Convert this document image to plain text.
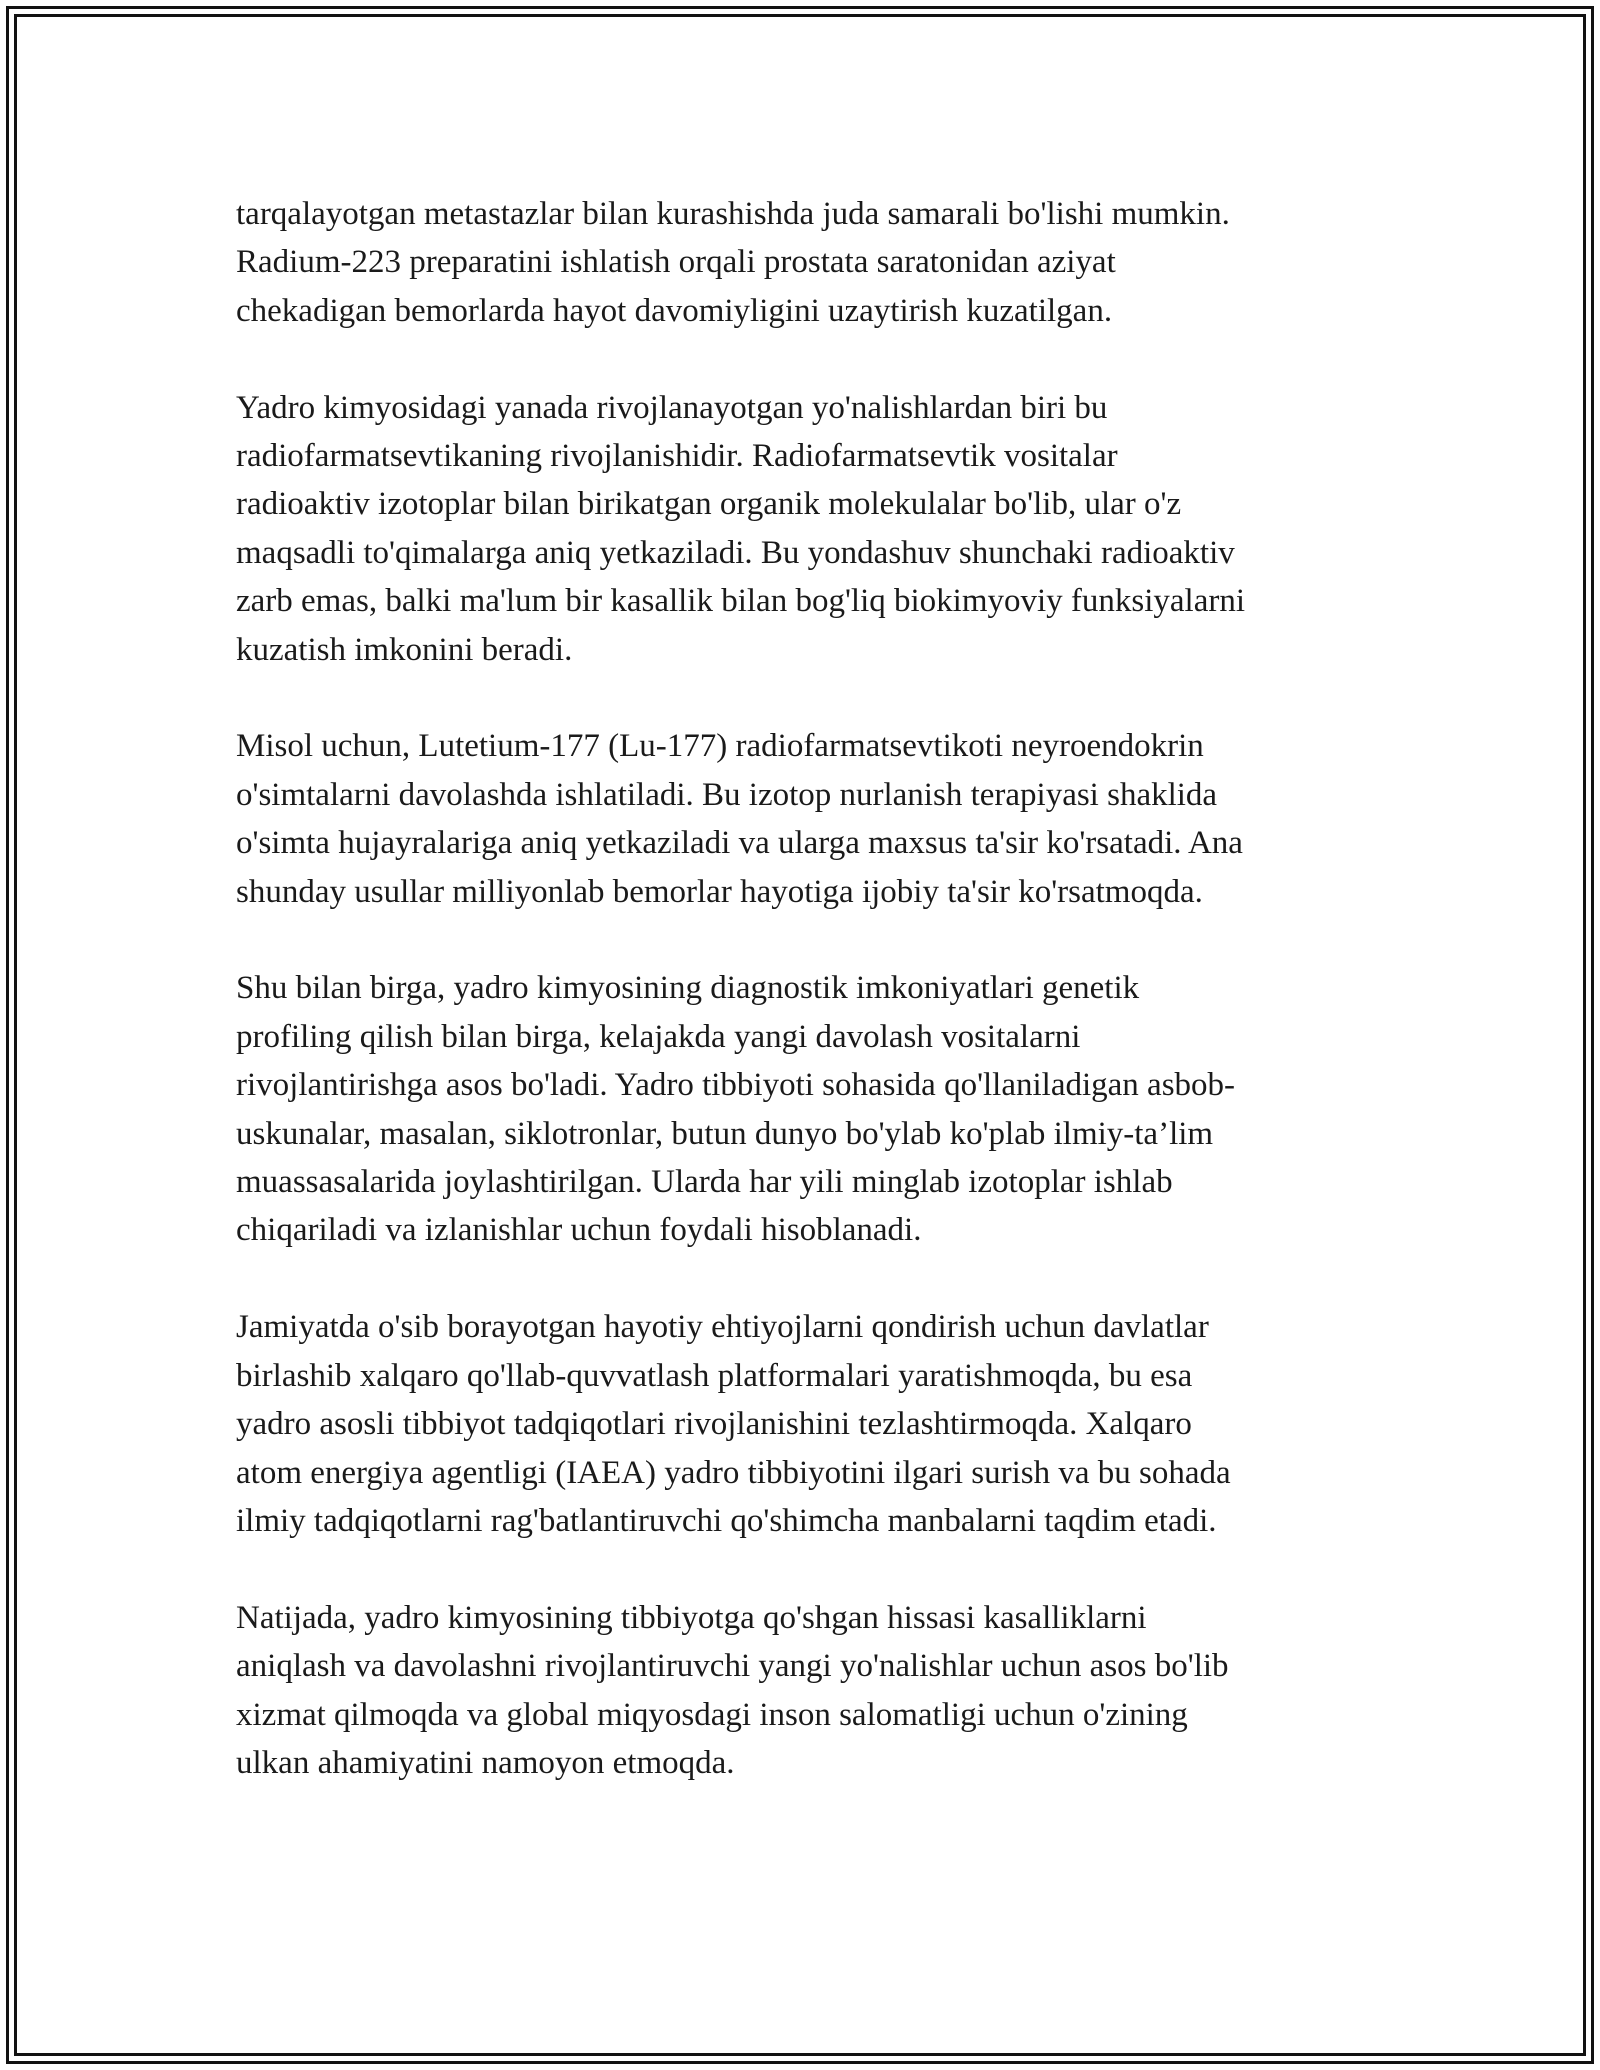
tarqalayotgan metastazlar bilan kurashishda juda samarali bo'lishi mumkin.
Radium-223 preparatini ishlatish orqali prostata saratonidan aziyat
chekadigan bemorlarda hayot davomiyligini uzaytirish kuzatilgan.

Yadro kimyosidagi yanada rivojlanayotgan yo'nalishlardan biri bu
radiofarmatsevtikaning rivojlanishidir. Radiofarmatsevtik vositalar
radioaktiv izotoplar bilan birikatgan organik molekulalar bo'lib, ular o'z
maqsadli to'qimalarga aniq yetkaziladi. Bu yondashuv shunchaki radioaktiv
zarb emas, balki ma'lum bir kasallik bilan bog'liq biokimyoviy funksiyalarni
kuzatish imkonini beradi.

Misol uchun, Lutetium-177 (Lu-177) radiofarmatsevtikoti neyroendokrin
o'simtalarni davolashda ishlatiladi. Bu izotop nurlanish terapiyasi shaklida
o'simta hujayralariga aniq yetkaziladi va ularga maxsus ta'sir ko'rsatadi. Ana
shunday usullar milliyonlab bemorlar hayotiga ijobiy ta'sir ko'rsatmoqda.

Shu bilan birga, yadro kimyosining diagnostik imkoniyatlari genetik
profiling qilish bilan birga, kelajakda yangi davolash vositalarni
rivojlantirishga asos bo'ladi. Yadro tibbiyoti sohasida qo'llaniladigan asbob-
uskunalar, masalan, siklotronlar, butun dunyo bo'ylab ko'plab ilmiy-ta’lim
muassasalarida joylashtirilgan. Ularda har yili minglab izotoplar ishlab
chiqariladi va izlanishlar uchun foydali hisoblanadi.

Jamiyatda o'sib borayotgan hayotiy ehtiyojlarni qondirish uchun davlatlar
birlashib xalqaro qo'llab-quvvatlash platformalari yaratishmoqda, bu esa
yadro asosli tibbiyot tadqiqotlari rivojlanishini tezlashtirmoqda. Xalqaro
atom energiya agentligi (IAEA) yadro tibbiyotini ilgari surish va bu sohada
ilmiy tadqiqotlarni rag'batlantiruvchi qo'shimcha manbalarni taqdim etadi.

Natijada, yadro kimyosining tibbiyotga qo'shgan hissasi kasalliklarni
aniqlash va davolashni rivojlantiruvchi yangi yo'nalishlar uchun asos bo'lib
xizmat qilmoqda va global miqyosdagi inson salomatligi uchun o'zining
ulkan ahamiyatini namoyon etmoqda.
